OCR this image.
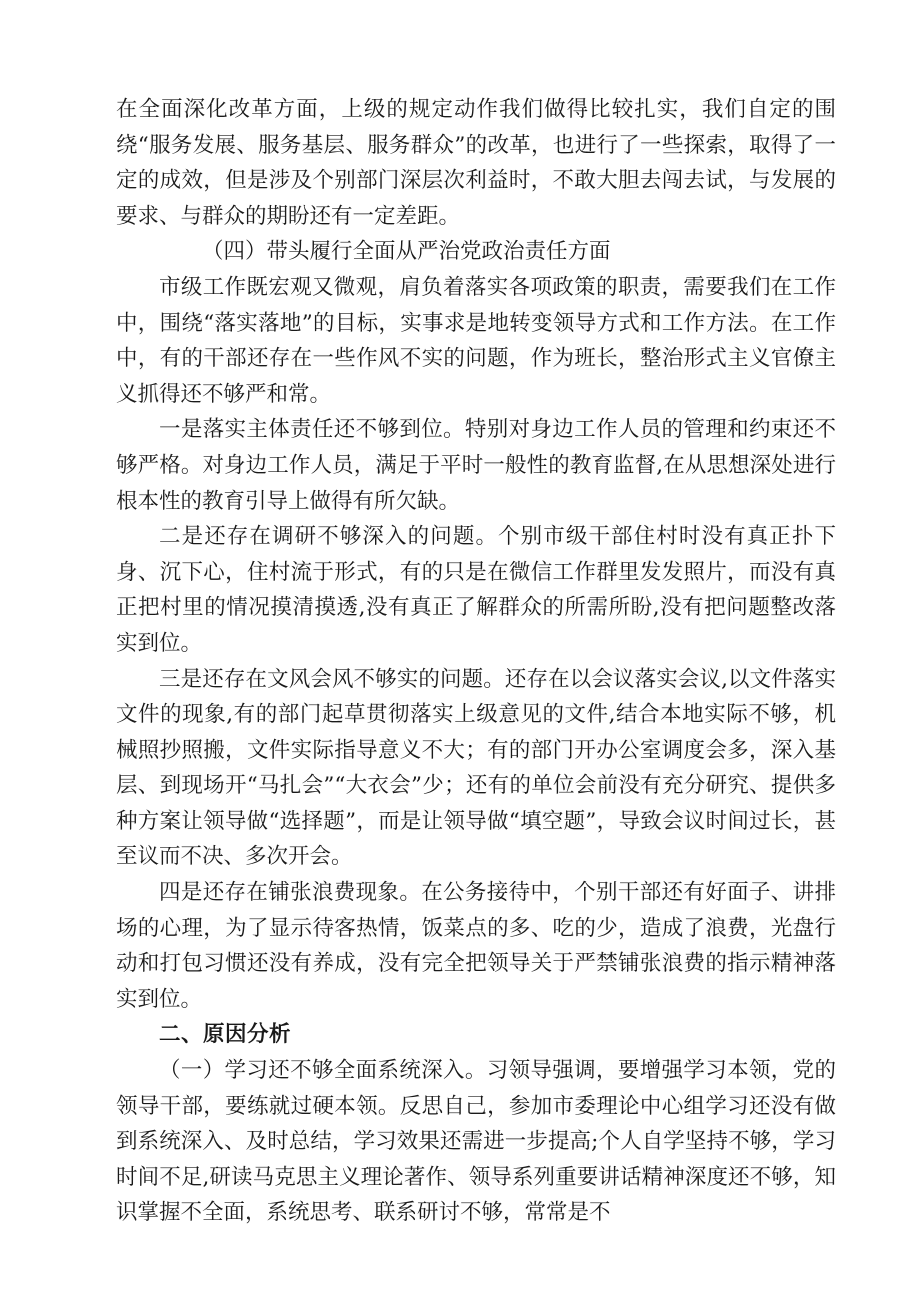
在全面深化改革方面，上级的规定动作我们做得比较扎实，我们自定的围绕“服务发展、服务基层、服务群众”的改革，也进行了一些探索，取得了一定的成效，但是涉及个别部门深层次利益时，不敢大胆去闯去试，与发展的要求、与群众的期盼还有一定差距。

（四）带头履行全面从严治党政治责任方面

市级工作既宏观又微观，肩负着落实各项政策的职责，需要我们在工作中，围绕“落实落地”的目标，实事求是地转变领导方式和工作方法。在工作中，有的干部还存在一些作风不实的问题，作为班长，整治形式主义官僚主义抓得还不够严和常。

一是落实主体责任还不够到位。特别对身边工作人员的管理和约束还不够严格。对身边工作人员，满足于平时一般性的教育监督,在从思想深处进行根本性的教育引导上做得有所欠缺。

二是还存在调研不够深入的问题。个别市级干部住村时没有真正扑下身、沉下心，住村流于形式，有的只是在微信工作群里发发照片，而没有真正把村里的情况摸清摸透,没有真正了解群众的所需所盼,没有把问题整改落实到位。

三是还存在文风会风不够实的问题。还存在以会议落实会议,以文件落实文件的现象,有的部门起草贯彻落实上级意见的文件,结合本地实际不够，机械照抄照搬，文件实际指导意义不大；有的部门开办公室调度会多，深入基层、到现场开“马扎会”“大衣会”少；还有的单位会前没有充分研究、提供多种方案让领导做“选择题”，而是让领导做“填空题”，导致会议时间过长，甚至议而不决、多次开会。

四是还存在铺张浪费现象。在公务接待中，个别干部还有好面子、讲排场的心理，为了显示待客热情，饭菜点的多、吃的少，造成了浪费，光盘行动和打包习惯还没有养成，没有完全把领导关于严禁铺张浪费的指示精神落实到位。

二、原因分析

（一）学习还不够全面系统深入。习领导强调，要增强学习本领，党的领导干部，要练就过硬本领。反思自己，参加市委理论中心组学习还没有做到系统深入、及时总结，学习效果还需进一步提高;个人自学坚持不够，学习时间不足,研读马克思主义理论著作、领导系列重要讲话精神深度还不够，知识掌握不全面，系统思考、联系研讨不够，常常是不
